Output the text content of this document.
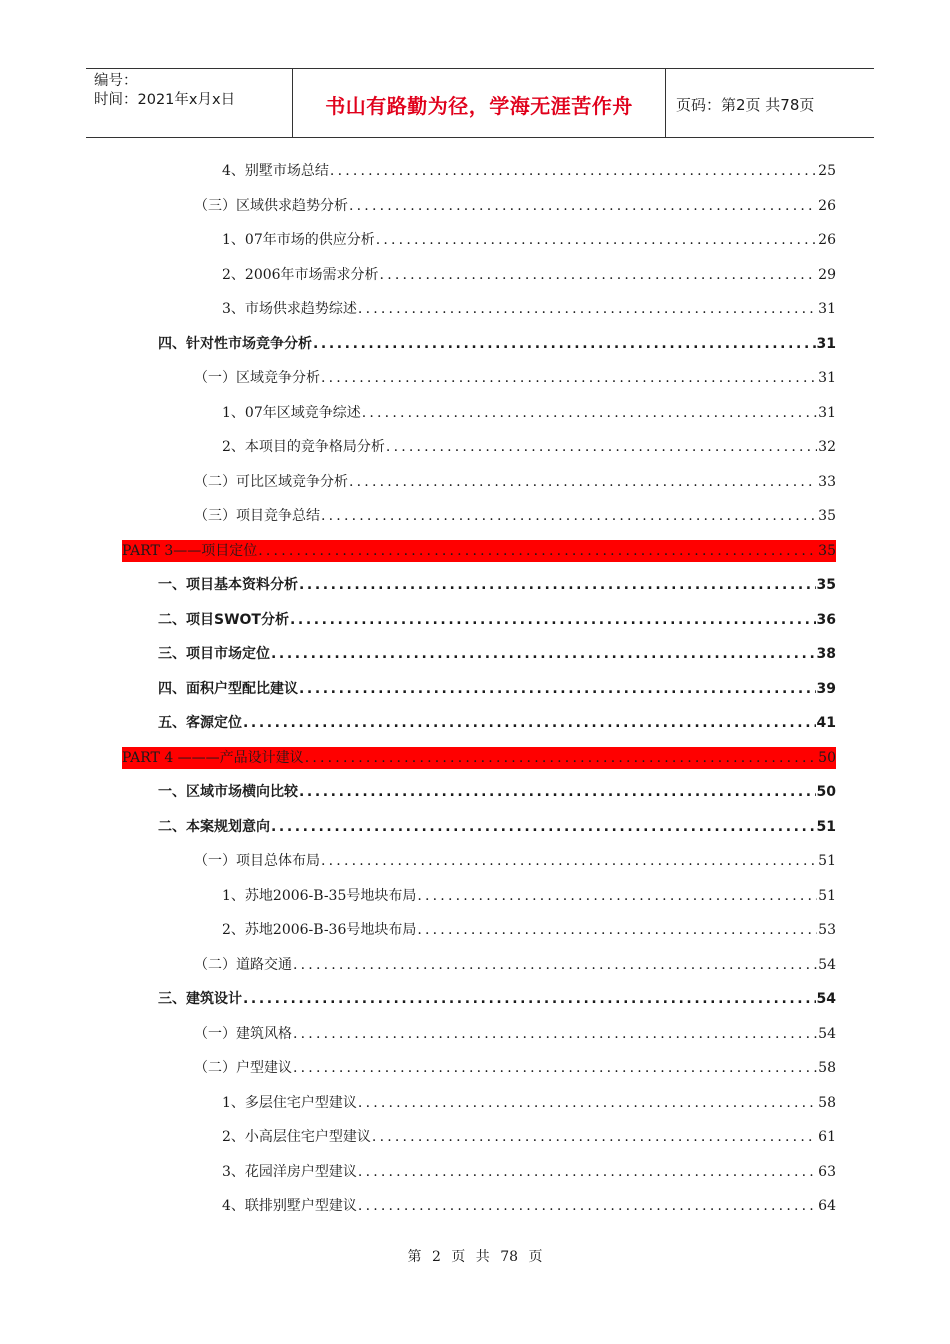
编号：
时间：2021年x月x日	书山有路勤为径，学海无涯苦作舟	页码：第2页 共78页
4、别墅市场总结 .....	25
（三）区域供求趋势分析 .....	26
1、07年市场的供应分析 .....	26
2、2006年市场需求分析 .....	29
3、市场供求趋势综述 .....	31
四、针对性市场竞争分析 .....	31
（一）区域竞争分析 .....	31
1、07年区域竞争综述 .....	31
2、本项目的竞争格局分析 .....	32
（二）可比区域竞争分析 .....	33
（三）项目竞争总结 .....	35
PART 3——项目定位 .....	35
一、项目基本资料分析 .....	35
二、项目SWOT分析 .....	36
三、项目市场定位 .....	38
四、面积户型配比建议 .....	39
五、客源定位 .....	41
PART 4 ———产品设计建议 .....	50
一、区域市场横向比较 .....	50
二、本案规划意向 .....	51
（一）项目总体布局 .....	51
1、苏地2006-B-35号地块布局 .....	51
2、苏地2006-B-36号地块布局 .....	53
（二）道路交通 .....	54
三、建筑设计 .....	54
（一）建筑风格 .....	54
（二）户型建议 .....	58
1、多层住宅户型建议 .....	58
2、小高层住宅户型建议 .....	61
3、花园洋房户型建议 .....	63
4、联排别墅户型建议 .....	64
第 2 页 共 78 页
